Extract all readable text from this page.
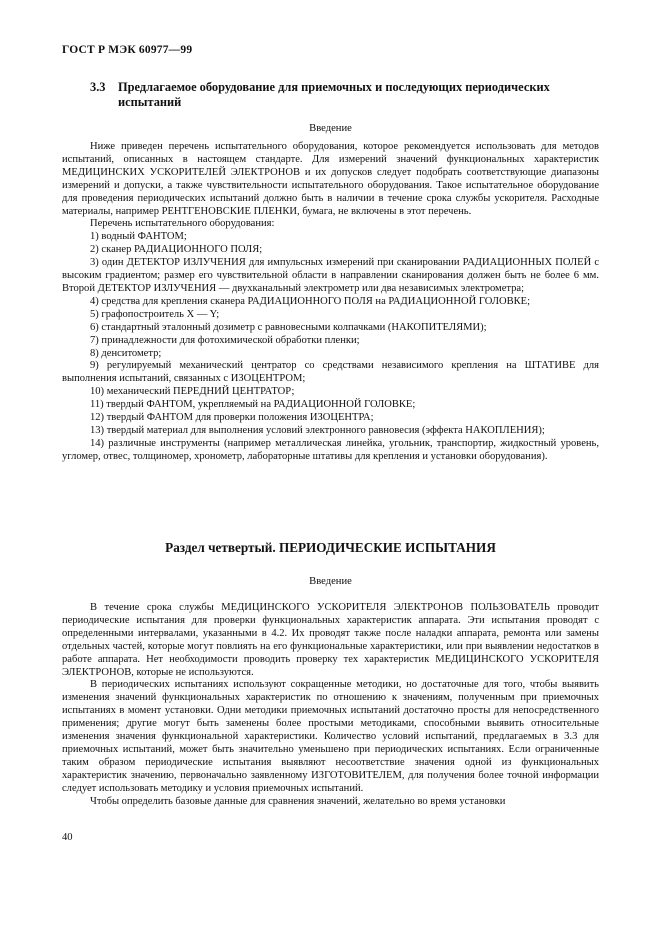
ГОСТ Р МЭК 60977—99
3.3	Предлагаемое оборудование для приемочных и последующих периодических испытаний
Введение

Ниже приведен перечень испытательного оборудования, которое рекомендуется использовать для методов испытаний, описанных в настоящем стандарте. Для измерений значений функциональных характеристик МЕДИЦИНСКИХ УСКОРИТЕЛЕЙ ЭЛЕКТРОНОВ и их допусков следует подобрать соответствующие диапазоны измерений и допуски, а также чувствительности испытательного оборудования. Такое испытательное оборудование для проведения периодических испытаний должно быть в наличии в течение срока службы ускорителя. Расходные материалы, например РЕНТГЕНОВСКИЕ ПЛЕНКИ, бумага, не включены в этот перечень.

Перечень испытательного оборудования:

1) водный ФАНТОМ;

2) сканер РАДИАЦИОННОГО ПОЛЯ;

3) один ДЕТЕКТОР ИЗЛУЧЕНИЯ для импульсных измерений при сканировании РАДИАЦИОННЫХ ПОЛЕЙ с высоким градиентом; размер его чувствительной области в направлении сканирования должен быть не более 6 мм. Второй ДЕТЕКТОР ИЗЛУЧЕНИЯ — двухканальный электрометр или два независимых электрометра;

4) средства для крепления сканера РАДИАЦИОННОГО ПОЛЯ на РАДИАЦИОННОЙ ГОЛОВКЕ;

5) графопостроитель X — Y;

6) стандартный эталонный дозиметр с равновесными колпачками (НАКОПИТЕЛЯМИ);

7) принадлежности для фотохимической обработки пленки;

8) денситометр;

9) регулируемый механический центратор со средствами независимого крепления на ШТАТИВЕ для выполнения испытаний, связанных с ИЗОЦЕНТРОМ;

10) механический ПЕРЕДНИЙ ЦЕНТРАТОР;

11) твердый ФАНТОМ, укрепляемый на РАДИАЦИОННОЙ ГОЛОВКЕ;

12) твердый ФАНТОМ для проверки положения ИЗОЦЕНТРА;

13) твердый материал для выполнения условий электронного равновесия (эффекта НАКОПЛЕНИЯ);

14) различные инструменты (например металлическая линейка, угольник, транспортир, жидкостный уровень, угломер, отвес, толщиномер, хронометр, лабораторные штативы для крепления и установки оборудования).

Раздел четвертый. ПЕРИОДИЧЕСКИЕ ИСПЫТАНИЯ
Введение

В течение срока службы МЕДИЦИНСКОГО УСКОРИТЕЛЯ ЭЛЕКТРОНОВ ПОЛЬЗОВАТЕЛЬ проводит периодические испытания для проверки функциональных характеристик аппарата. Эти испытания проводят с определенными интервалами, указанными в 4.2. Их проводят также после наладки аппарата, ремонта или замены отдельных частей, которые могут повлиять на его функциональные характеристики, или при выявлении недостатков в работе аппарата. Нет необходимости проводить проверку тех характеристик МЕДИЦИНСКОГО УСКОРИТЕЛЯ ЭЛЕКТРОНОВ, которые не используются.

В периодических испытаниях используют сокращенные методики, но достаточные для того, чтобы выявить изменения значений функциональных характеристик по отношению к значениям, полученным при приемочных испытаниях в момент установки. Одни методики приемочных испытаний достаточно просты для непосредственного применения; другие могут быть заменены более простыми методиками, способными выявить относительные изменения значения функциональной характеристики. Количество условий испытаний, предлагаемых в 3.3 для приемочных испытаний, может быть значительно уменьшено при периодических испытаниях. Если ограниченные таким образом периодические испытания выявляют несоответствие значения одной из функциональных характеристик значению, первоначально заявленному ИЗГОТОВИТЕЛЕМ, для получения более точной информации следует использовать методику и условия приемочных испытаний.

Чтобы определить базовые данные для сравнения значений, желательно во время установки

40
